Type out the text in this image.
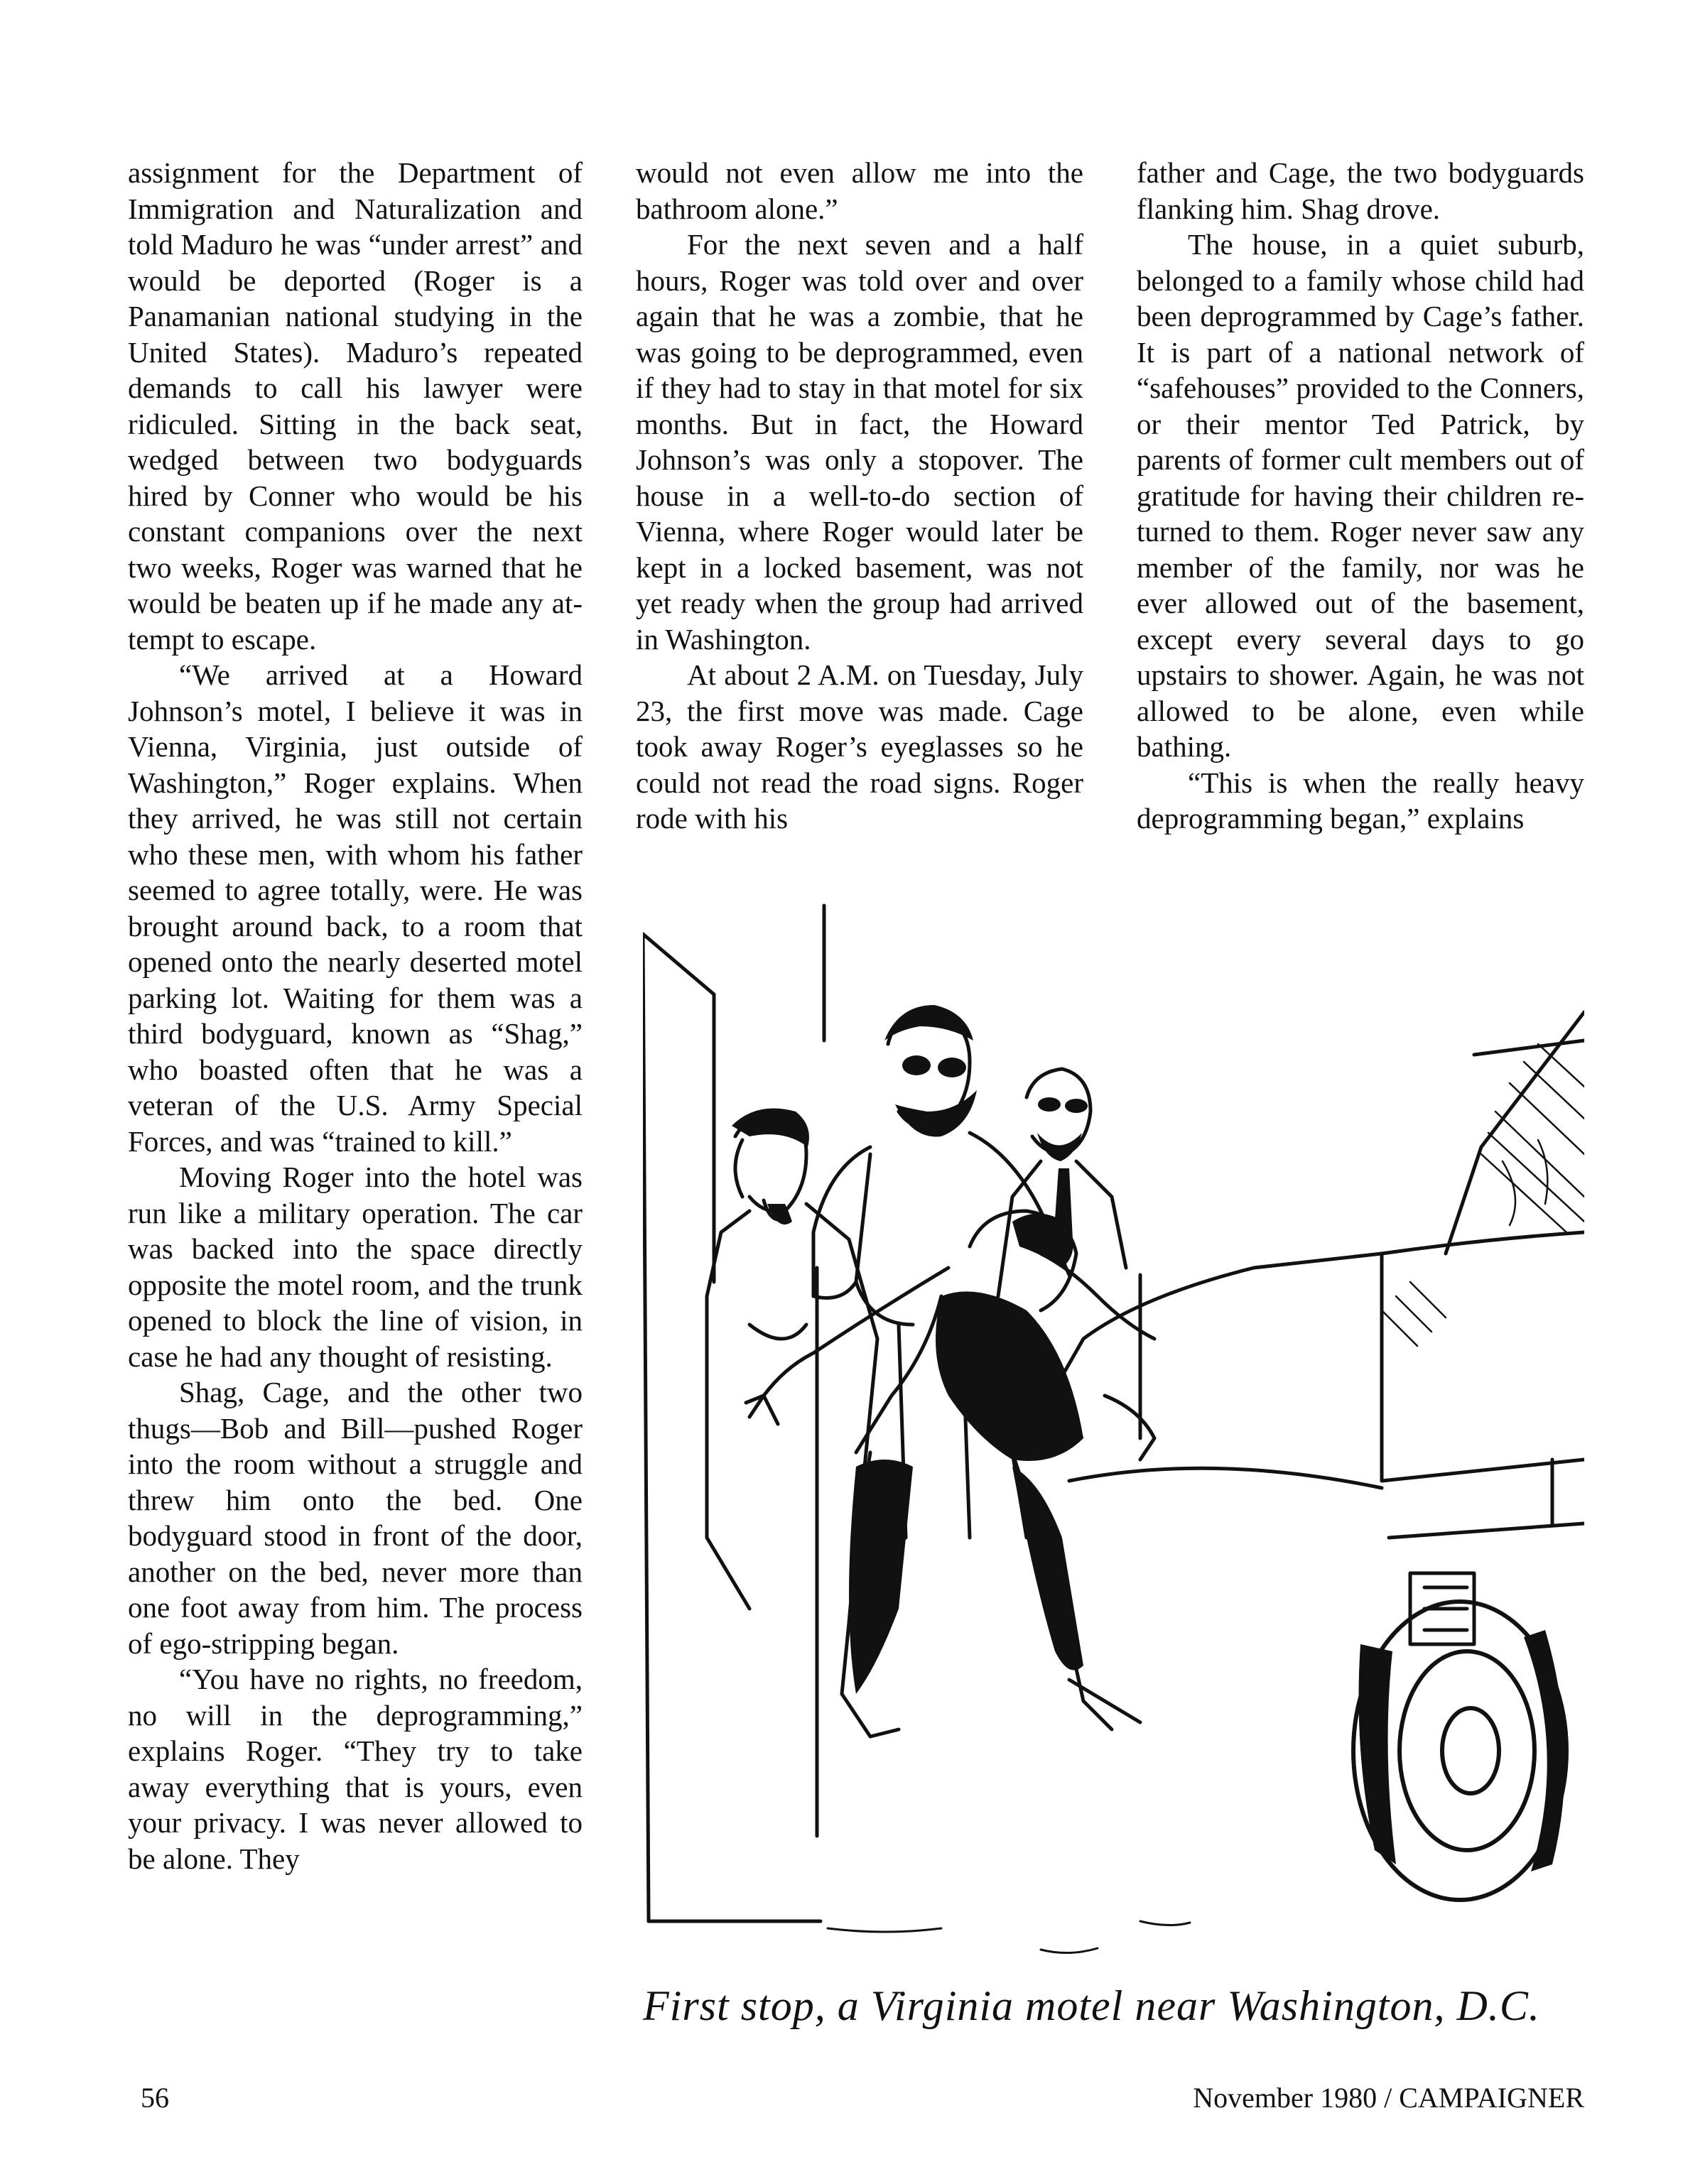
assignment for the Department of Immigration and Naturalization and told Maduro he was “under arrest” and would be deported (Roger is a Panamanian national studying in the United States). Maduro’s repeated demands to call his lawyer were ridiculed. Sitting in the back seat, wedged between two bodyguards hired by Conner who would be his constant companions over the next two weeks, Roger was warned that he would be beaten up if he made any attempt to escape.

“We arrived at a Howard Johnson’s motel, I believe it was in Vienna, Virginia, just outside of Washington,” Roger explains. When they arrived, he was still not certain who these men, with whom his father seemed to agree totally, were. He was brought around back, to a room that opened onto the nearly deserted motel parking lot. Waiting for them was a third bodyguard, known as “Shag,” who boasted often that he was a veteran of the U.S. Army Special Forces, and was “trained to kill.”

Moving Roger into the hotel was run like a military operation. The car was backed into the space directly opposite the motel room, and the trunk opened to block the line of vision, in case he had any thought of resisting.

Shag, Cage, and the other two thugs—Bob and Bill—pushed Roger into the room without a struggle and threw him onto the bed. One bodyguard stood in front of the door, another on the bed, never more than one foot away from him. The process of ego-stripping began.

“You have no rights, no freedom, no will in the deprogramming,” explains Roger. “They try to take away everything that is yours, even your privacy. I was never allowed to be alone. They

would not even allow me into the bathroom alone.”

For the next seven and a half hours, Roger was told over and over again that he was a zombie, that he was going to be deprogrammed, even if they had to stay in that motel for six months. But in fact, the Howard Johnson’s was only a stopover. The house in a well-to-do section of Vienna, where Roger would later be kept in a locked basement, was not yet ready when the group had arrived in Washington.

At about 2 A.M. on Tuesday, July 23, the first move was made. Cage took away Roger’s eyeglasses so he could not read the road signs. Roger rode with his

father and Cage, the two bodyguards flanking him. Shag drove.

The house, in a quiet suburb, belonged to a family whose child had been deprogrammed by Cage’s father. It is part of a national network of “safehouses” provided to the Conners, or their mentor Ted Patrick, by parents of former cult members out of gratitude for having their children returned to them. Roger never saw any member of the family, nor was he ever allowed out of the basement, except every several days to go upstairs to shower. Again, he was not allowed to be alone, even while bathing.

“This is when the really heavy deprogramming began,” explains

First stop, a Virginia motel near Washington, D.C.
56	November 1980 / CAMPAIGNER
